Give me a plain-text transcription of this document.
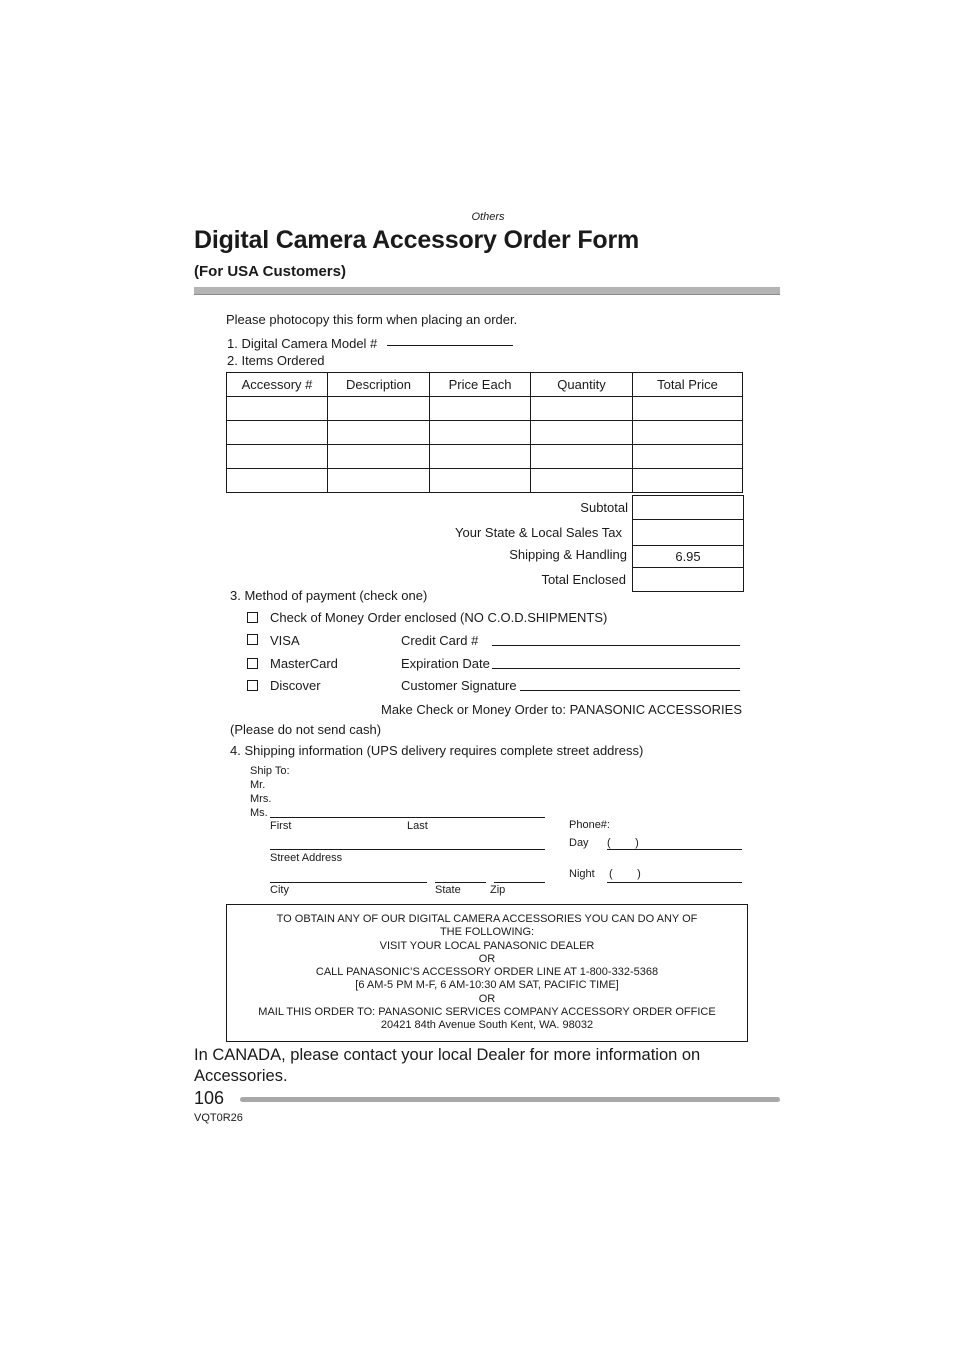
Others
Digital Camera Accessory Order Form
(For USA Customers)
Please photocopy this form when placing an order.
1. Digital Camera Model #
2. Items Ordered
Accessory #	Description	Price Each	Quantity	Total Price

Subtotal
Your State & Local Sales Tax
Shipping & Handling	6.95
Total Enclosed
3. Method of payment (check one)
Check of Money Order enclosed (NO C.O.D.SHIPMENTS)
VISA	Credit Card #
MasterCard	Expiration Date
Discover	Customer Signature
Make Check or Money Order to: PANASONIC ACCESSORIES
(Please do not send cash)
4. Shipping information (UPS delivery requires complete street address)
Ship To:
Mr.
Mrs.
Ms.
First	Last
Street Address
City	State	Zip
Phone#:
Day (        )
Night (        )

TO OBTAIN ANY OF OUR DIGITAL CAMERA ACCESSORIES YOU CAN DO ANY OF

THE FOLLOWING:

VISIT YOUR LOCAL PANASONIC DEALER

OR

CALL PANASONIC’S ACCESSORY ORDER LINE AT 1-800-332-5368

[6 AM-5 PM M-F, 6 AM-10:30 AM SAT, PACIFIC TIME]

OR

MAIL THIS ORDER TO: PANASONIC SERVICES COMPANY ACCESSORY ORDER OFFICE

20421 84th Avenue South Kent, WA. 98032

In CANADA, please contact your local Dealer for more information on Accessories.
106
VQT0R26
